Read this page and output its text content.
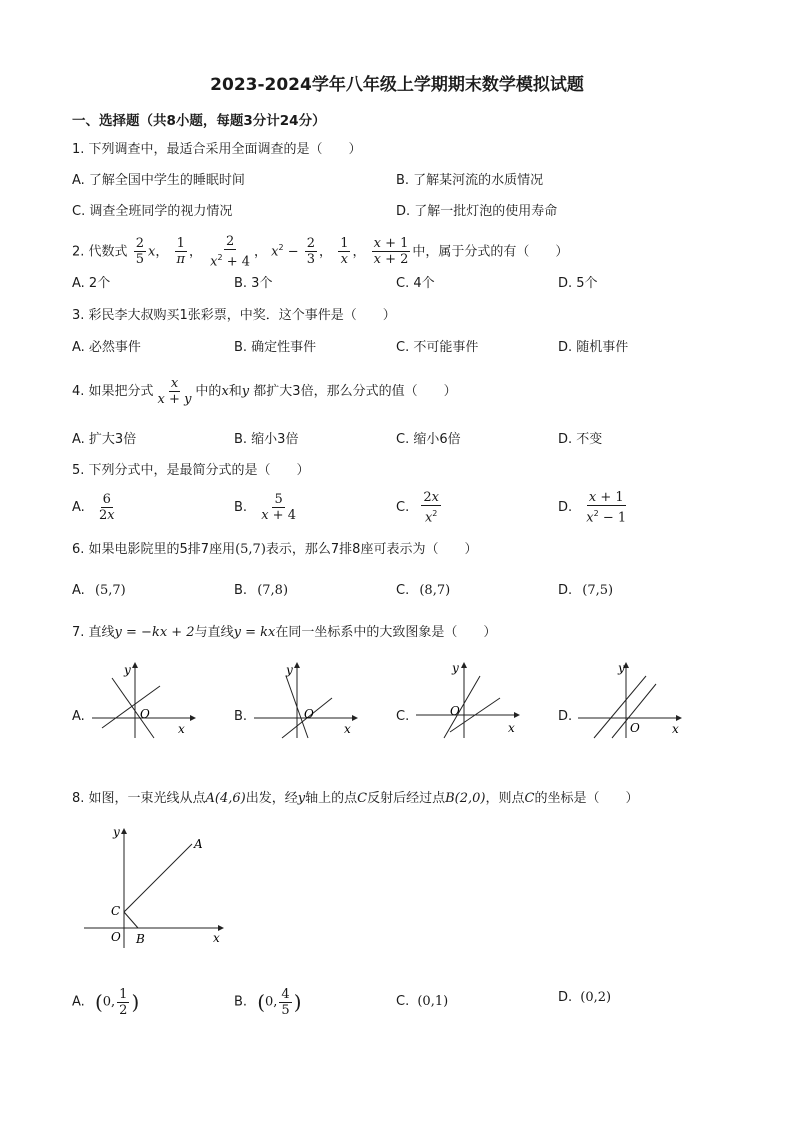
2023-2024学年八年级上学期期末数学模拟试题
一、选择题（共8小题，每题3分计24分）
1. 下列调查中，最适合采用全面调查的是（　　）
A. 了解全国中学生的睡眠时间	B. 了解某河流的水质情况
C. 调查全班同学的视力情况	D. 了解一批灯泡的使用寿命
2. 代数式 $\frac{2}{5}$ x， $\frac{1}{\pi}$ ， $\frac{2}{x^2 + 4}$ ， $x^2 - \frac{2}{3}$ ， $\frac{1}{x}$ ， $\frac{x + 1}{x + 2}$ 中，属于分式的有（　　）
A. 2个	B. 3个	C. 4个	D. 5个
3. 彩民李大叔购买1张彩票，中奖．这个事件是（　　）
A. 必然事件	B. 确定性事件	C. 不可能事件	D. 随机事件
4. 如果把分式 $\frac{x}{x + y}$ 中的x和y 都扩大3倍，那么分式的值（　　）
A. 扩大3倍	B. 缩小3倍	C. 缩小6倍	D. 不变
5. 下列分式中，是最简分式的是（　　）
A. $\frac{6}{2x}$	B. $\frac{5}{x + 4}$	C. $\frac{2x}{x^2}$	D. $\frac{x + 1}{x^2 - 1}$
6. 如果电影院里的5排7座用(5,7)表示，那么7排8座可表示为（　　）
A. (5,7)	B. (7,8)	C. (8,7)	D. (7,5)
7. 直线y = −kx + 2与直线y = kx在同一坐标系中的大致图象是（　　）
A.	O
x
y
B.	O
x
y
C.	O
x
y
D.
O	x
y
8. 如图，一束光线从点A(4,6)出发，经y轴上的点C反射后经过点B(2,0)，则点C的坐标是（　　）
y
x
A
C
O B
A. (0, $\frac{1}{2}$ )	B. (0, $\frac{4}{5}$ )	C. (0,1)	D. (0,2)
